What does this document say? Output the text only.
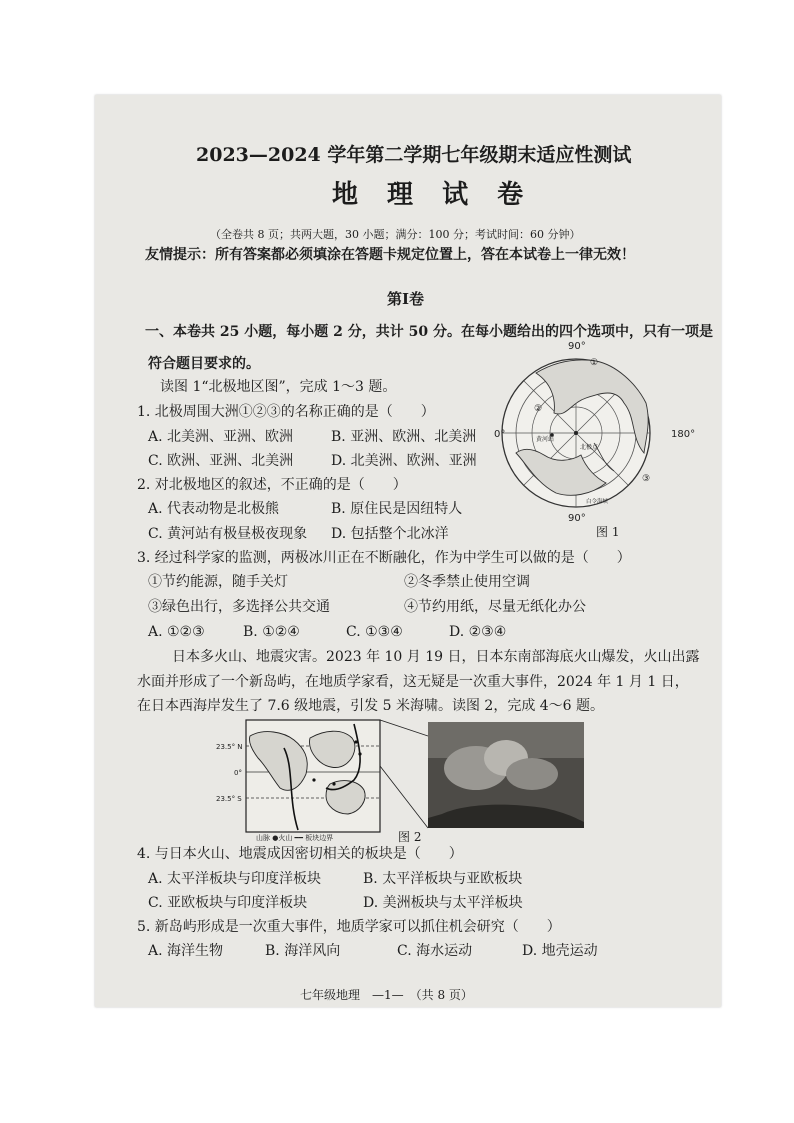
2023—2024 学年第二学期七年级期末适应性测试
地 理 试 卷
（全卷共 8 页；共两大题，30 小题；满分：100 分；考试时间：60 分钟）
友情提示：所有答案都必须填涂在答题卡规定位置上，答在本试卷上一律无效！
第Ⅰ卷
一、本卷共 25 小题，每小题 2 分，共计 50 分。在每小题给出的四个选项中，只有一项是
符合题目要求的。
读图 1“北极地区图”，完成 1～3 题。
1. 北极周围大洲①②③的名称正确的是（　　）
A. 北美洲、亚洲、欧洲	B. 亚洲、欧洲、北美洲
C. 欧洲、亚洲、北美洲	D. 北美洲、欧洲、亚洲
2. 对北极地区的叙述，不正确的是（　　）
A. 代表动物是北极熊	B. 原住民是因纽特人
C. 黄河站有极昼极夜现象 D. 包括整个北冰洋
90°
90°
0°	180°
黄河站
北极点
①
②
③
白令海峡
图 1
3. 经过科学家的监测，两极冰川正在不断融化，作为中学生可以做的是（　　）
①节约能源，随手关灯	②冬季禁止使用空调
③绿色出行，多选择公共交通	④节约用纸，尽量无纸化办公
A. ①②③	B. ①②④	C. ①③④	D. ②③④
日本多火山、地震灾害。2023 年 10 月 19 日，日本东南部海底火山爆发，火山出露
水面并形成了一个新岛屿，在地质学家看，这无疑是一次重大事件，2024 年 1 月 1 日，
在日本西海岸发生了 7.6 级地震，引发 5 米海啸。读图 2，完成 4～6 题。
23.5° N
0°
23.5° S
山脉 ●火山 ━━ 板块边界	图 2
4. 与日本火山、地震成因密切相关的板块是（　　）
A. 太平洋板块与印度洋板块	B. 太平洋板块与亚欧板块
C. 亚欧板块与印度洋板块	D. 美洲板块与太平洋板块
5. 新岛屿形成是一次重大事件，地质学家可以抓住机会研究（　　）
A. 海洋生物	B. 海洋风向	C. 海水运动	D. 地壳运动
七年级地理　—1—　（共 8 页）
